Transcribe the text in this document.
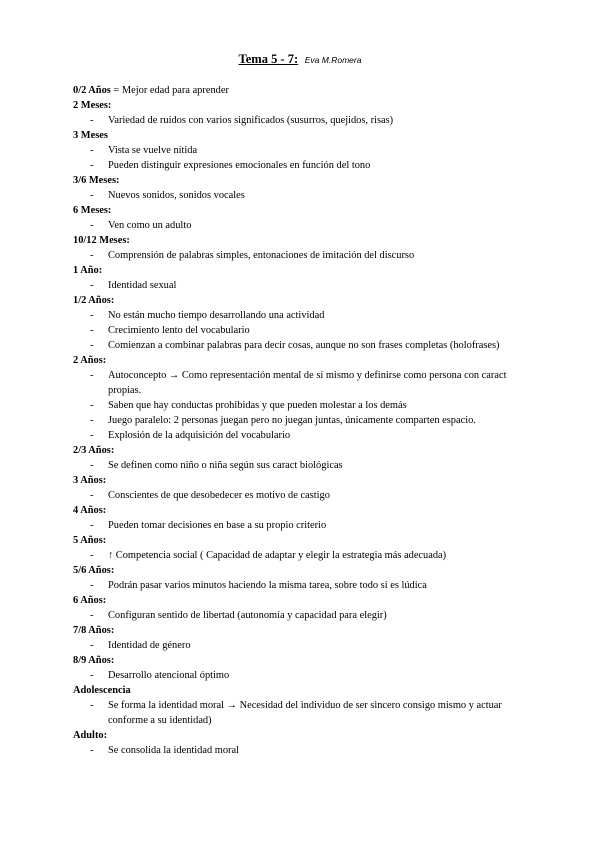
Tema 5 - 7: Eva M.Romera
0/2 Años = Mejor edad para aprender
2 Meses:
- Variedad de ruidos con varios significados (susurros, quejidos, risas)
3 Meses
- Vista se vuelve nítida
- Pueden distinguir expresiones emocionales en función del tono
3/6 Meses:
- Nuevos sonidos, sonidos vocales
6 Meses:
- Ven como un adulto
10/12 Meses:
- Comprensión de palabras simples, entonaciones de imitación del discurso
1 Año:
- Identidad sexual
1/2 Años:
- No están mucho tiempo desarrollando una actividad
- Crecimiento lento del vocabulario
- Comienzan a combinar palabras para decir cosas, aunque no son frases completas (holofrases)
2 Años:
- Autoconcepto → Como representación mental de sí mismo y definirse como persona con caract propias.
- Saben que hay conductas prohibidas y que pueden molestar a los demás
- Juego paralelo: 2 personas juegan pero no juegan juntas, únicamente comparten espacio.
- Explosión de la adquisición del vocabulario
2/3 Años:
- Se definen como niño o niña según sus caract biológicas
3 Años:
- Conscientes de que desobedecer es motivo de castigo
4 Años:
- Pueden tomar decisiones en base a su propio criterio
5 Años:
- ↑ Competencia social ( Capacidad de adaptar y elegir la estrategia más adecuada)
5/6 Años:
- Podrán pasar varios minutos haciendo la misma tarea, sobre todo si es lúdica
6 Años:
- Configuran sentido de libertad (autonomía y capacidad para elegir)
7/8 Años:
- Identidad de género
8/9 Años:
- Desarrollo atencional óptimo
Adolescencia
- Se forma la identidad moral → Necesidad del individuo de ser sincero consigo mismo y actuar conforme a su identidad)
Adulto:
- Se consolida la identidad moral
